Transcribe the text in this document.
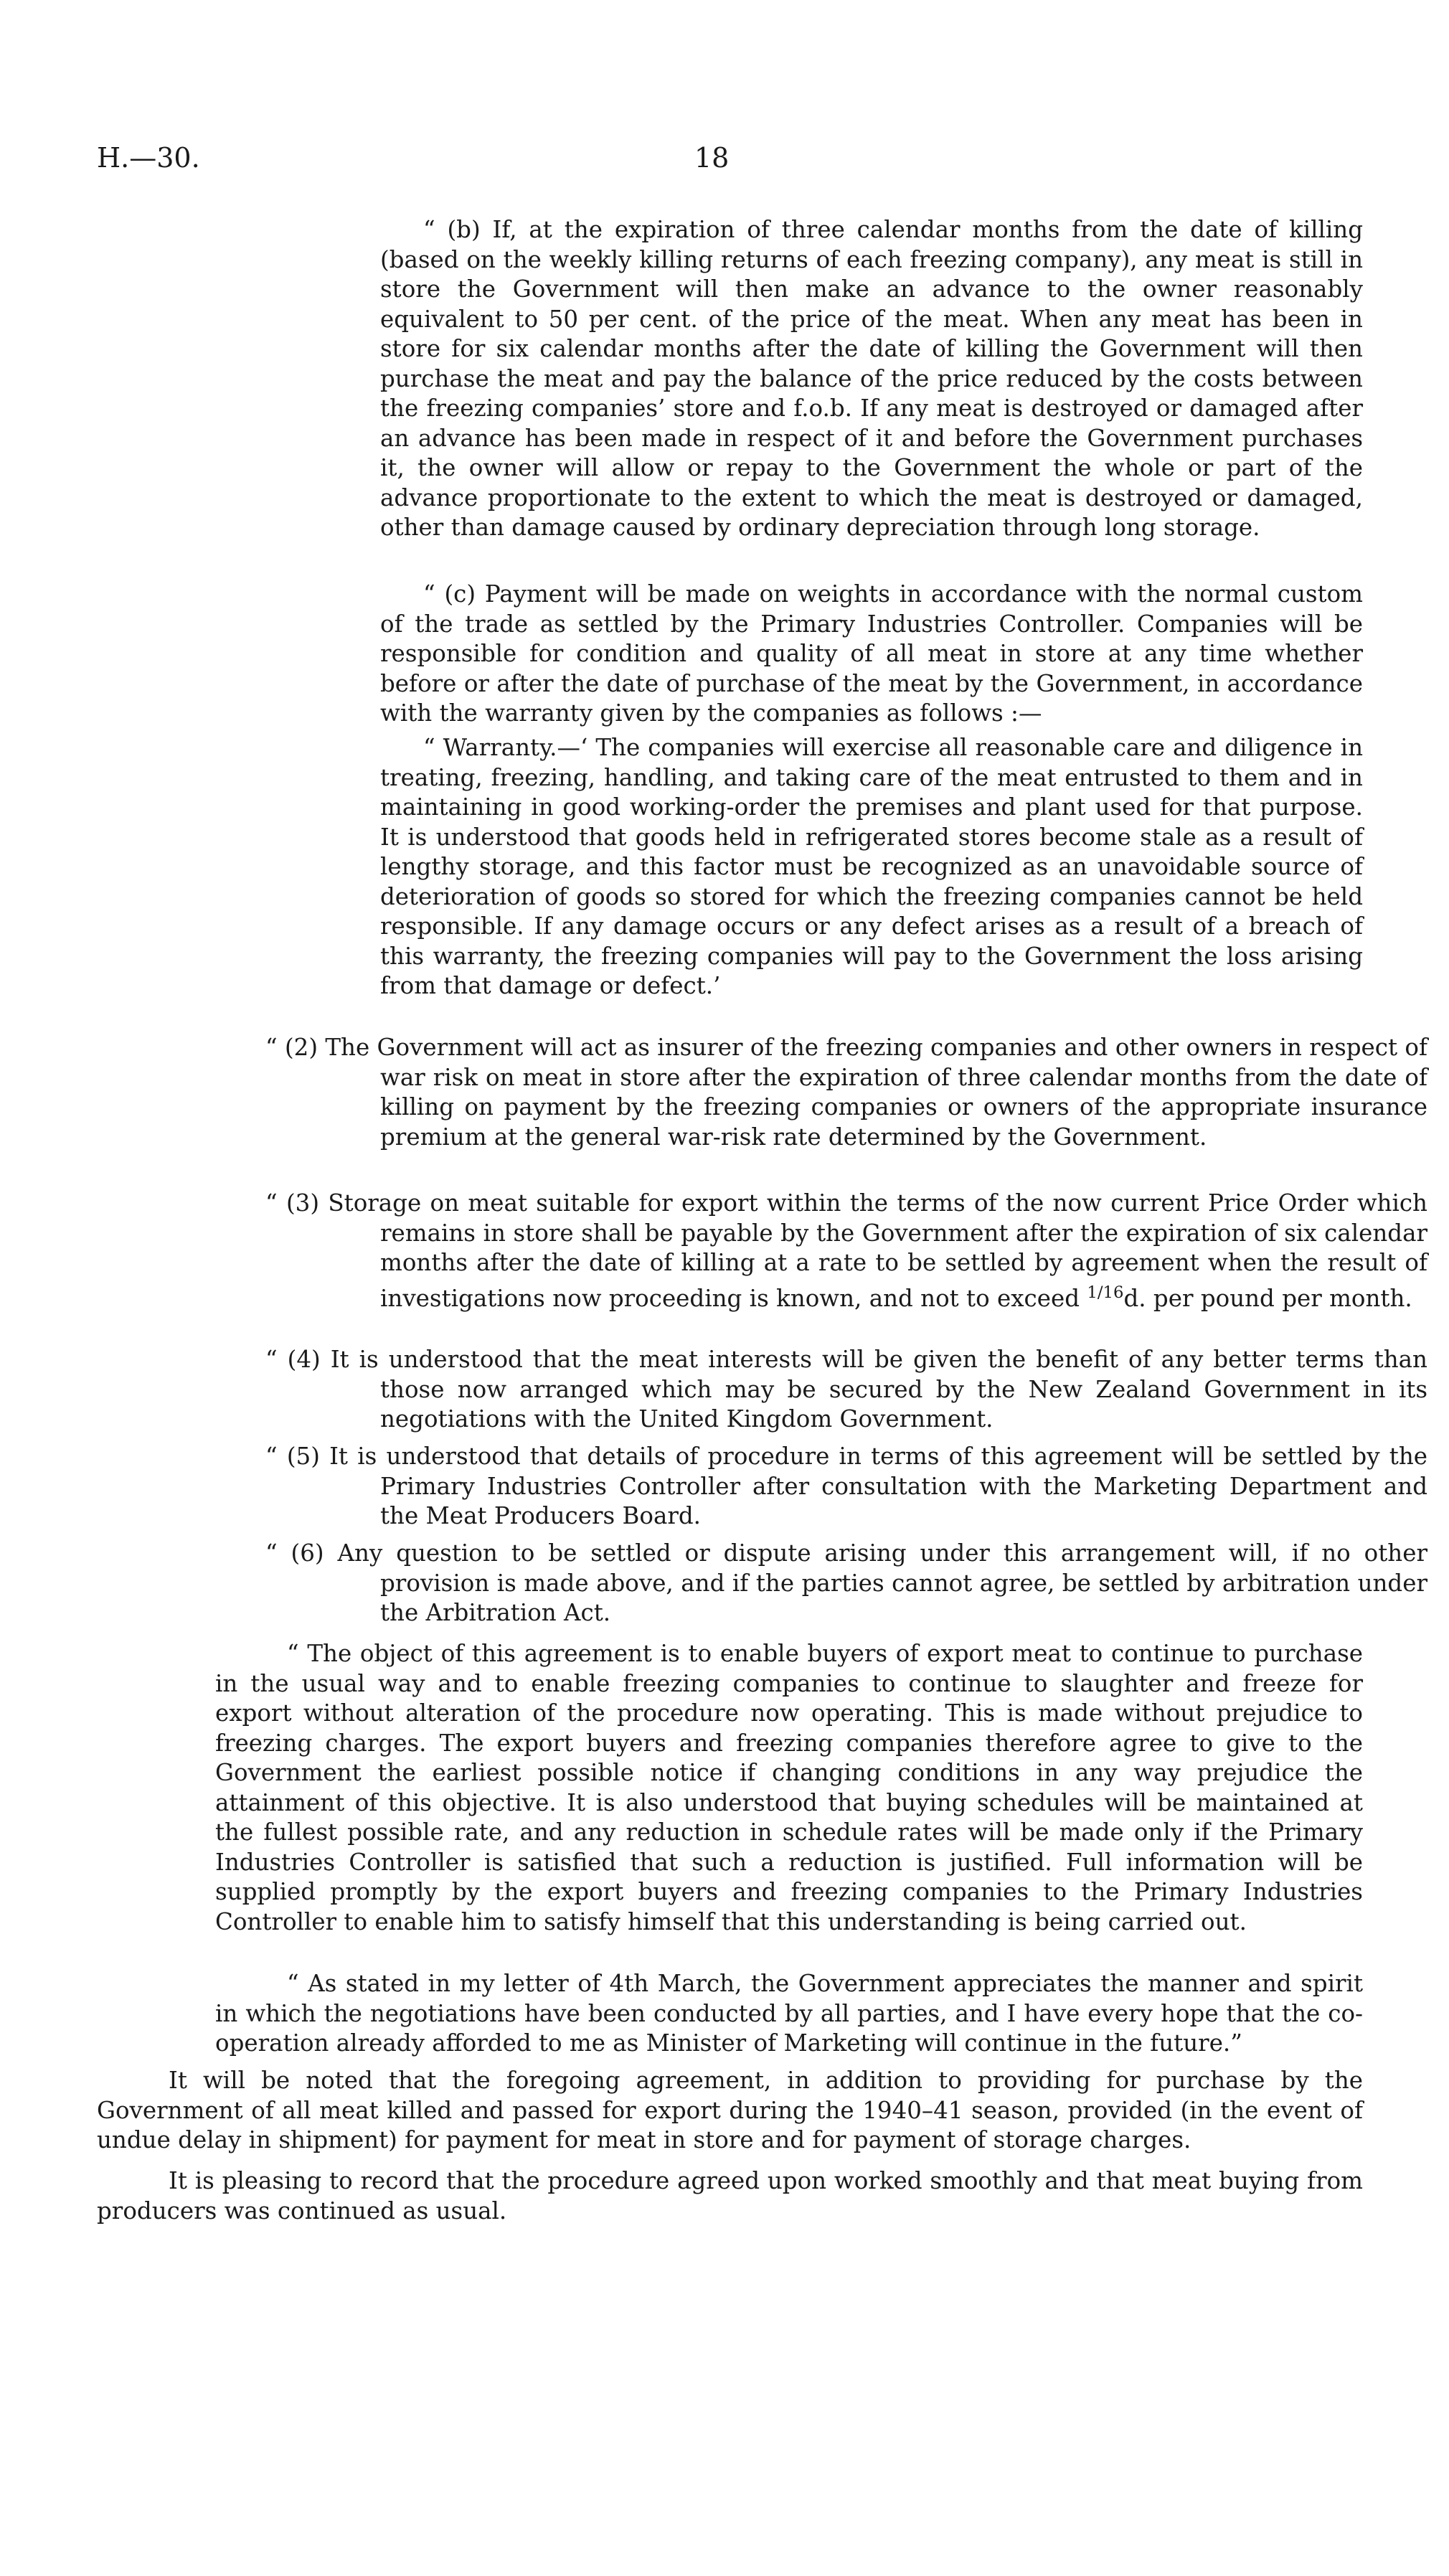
H.—30.	18

“ (b) If, at the expiration of three calendar months from the date of killing (based on the weekly killing returns of each freezing company), any meat is still in store the Government will then make an advance to the owner reasonably equivalent to 50 per cent. of the price of the meat. When any meat has been in store for six calendar months after the date of killing the Government will then purchase the meat and pay the balance of the price reduced by the costs between the freezing companies’ store and f.o.b. If any meat is destroyed or damaged after an advance has been made in respect of it and before the Government purchases it, the owner will allow or repay to the Government the whole or part of the advance proportionate to the extent to which the meat is destroyed or damaged, other than damage caused by ordinary depreciation through long storage.

“ (c) Payment will be made on weights in accordance with the normal custom of the trade as settled by the Primary Industries Controller. Companies will be responsible for condition and quality of all meat in store at any time whether before or after the date of purchase of the meat by the Government, in accordance with the warranty given by the companies as follows :—

“ Warranty.—‘ The companies will exercise all reasonable care and diligence in treating, freezing, handling, and taking care of the meat entrusted to them and in maintaining in good working-order the premises and plant used for that purpose. It is understood that goods held in refrigerated stores become stale as a result of lengthy storage, and this factor must be recognized as an unavoidable source of deterioration of goods so stored for which the freezing companies cannot be held responsible. If any damage occurs or any defect arises as a result of a breach of this warranty, the freezing companies will pay to the Government the loss arising from that damage or defect.’

“ (2) The Government will act as insurer of the freezing companies and other owners in respect of war risk on meat in store after the expiration of three calendar months from the date of killing on payment by the freezing companies or owners of the appropriate insurance premium at the general war-risk rate determined by the Government.

“ (3) Storage on meat suitable for export within the terms of the now current Price Order which remains in store shall be payable by the Government after the expiration of six calendar months after the date of killing at a rate to be settled by agreement when the result of investigations now proceeding is known, and not to exceed $^{1/16}$d. per pound per month.

“ (4) It is understood that the meat interests will be given the benefit of any better terms than those now arranged which may be secured by the New Zealand Government in its negotiations with the United Kingdom Government.

“ (5) It is understood that details of procedure in terms of this agreement will be settled by the Primary Industries Controller after consultation with the Marketing Department and the Meat Producers Board.

“ (6) Any question to be settled or dispute arising under this arrangement will, if no other provision is made above, and if the parties cannot agree, be settled by arbitration under the Arbitration Act.

“ The object of this agreement is to enable buyers of export meat to continue to purchase in the usual way and to enable freezing companies to continue to slaughter and freeze for export without alteration of the procedure now operating. This is made without prejudice to freezing charges. The export buyers and freezing companies therefore agree to give to the Government the earliest possible notice if changing conditions in any way prejudice the attainment of this objective. It is also understood that buying schedules will be maintained at the fullest possible rate, and any reduction in schedule rates will be made only if the Primary Industries Controller is satisfied that such a reduction is justified. Full information will be supplied promptly by the export buyers and freezing companies to the Primary Industries Controller to enable him to satisfy himself that this understanding is being carried out.

“ As stated in my letter of 4th March, the Government appreciates the manner and spirit in which the negotiations have been conducted by all parties, and I have every hope that the co-operation already afforded to me as Minister of Marketing will continue in the future.”

It will be noted that the foregoing agreement, in addition to providing for purchase by the Government of all meat killed and passed for export during the 1940–41 season, provided (in the event of undue delay in shipment) for payment for meat in store and for payment of storage charges.

It is pleasing to record that the procedure agreed upon worked smoothly and that meat buying from producers was continued as usual.
